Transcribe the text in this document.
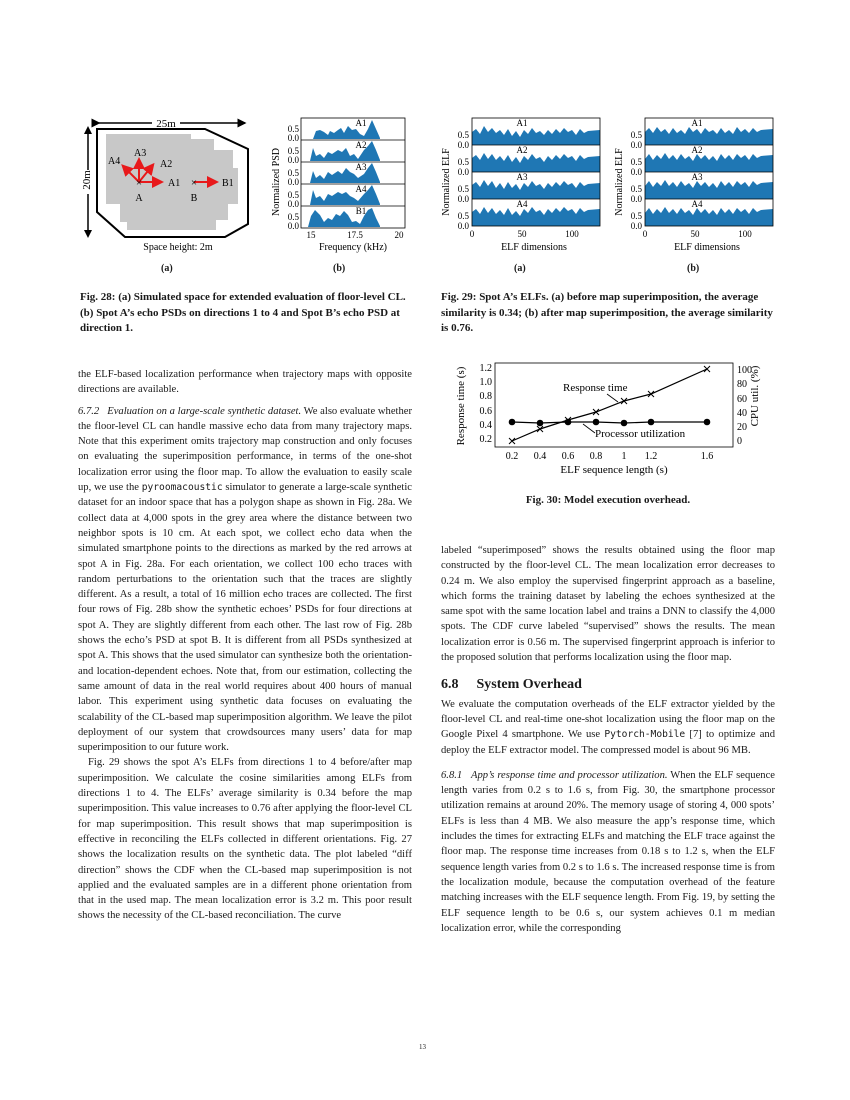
25m
20m	×	×
A1
A2
A3
A4
B1
A	B
Space height: 2m
(a)
Normalized PSD
0.5
0.0
0.5
0.0
0.5
0.0
0.5
0.0
0.5
0.0
A1
A2
A3
A4
B1
15	17.5	20
Frequency (kHz)
(b)
Normalized ELF
0.5
0.0
0.5
0.0
0.5
0.0
0.5
0.0
A1
A2
A3
A4
0	50	100
ELF dimensions
(a)
Normalized ELF
0.5
0.0
0.5
0.0
0.5
0.0
0.5
0.0
A1
A2
A3
A4
0	50	100
ELF dimensions
(b)
Fig. 28: (a) Simulated space for extended evaluation of floor-level CL. (b) Spot A’s echo PSDs on directions 1 to 4 and Spot B’s echo PSD at direction 1.
Fig. 29: Spot A’s ELFs. (a) before map superimposition, the average similarity is 0.34; (b) after map superimposition, the average similarity is 0.76.
Response time (s)	CPU util. (%)
0.2
0.4
0.6
0.8
1.0
1.2
0
20
40
60
80
100
0.2 0.4 0.6 0.8 1 1.2	1.6
ELF sequence length (s)
Response time
Processor utilization
Fig. 30: Model execution overhead.

the ELF-based localization performance when trajectory maps with opposite directions are available.

6.7.2 Evaluation on a large-scale synthetic dataset. We also evaluate whether the floor-level CL can handle massive echo data from many trajectory maps. Note that this experiment omits trajectory map construction and only focuses on evaluating the superimposition performance, in terms of the one-shot localization error using the floor map. To allow the evaluation to easily scale up, we use the pyroomacoustic simulator to generate a large-scale synthetic dataset for an indoor space that has a polygon shape as shown in Fig. 28a. We collect data at 4,000 spots in the grey area where the distance between two neighbor spots is 10 cm. At each spot, we collect echo data when the simulated smartphone points to the directions as marked by the red arrows at spot A in Fig. 28a. For each orientation, we collect 100 echo traces with random perturbations to the orientation such that the traces are slightly different. As a result, a total of 16 million echo traces are collected. The first four rows of Fig. 28b show the synthetic echoes’ PSDs for four directions at spot A. They are slightly different from each other. The last row of Fig. 28b shows the echo’s PSD at spot B. It is different from all PSDs synthesized at spot A. This shows that the used simulator can synthesize both the orientation- and location-dependent echoes. Note that, from our estimation, collecting the same amount of data in the real world requires about 400 hours of manual labor. This experiment using synthetic data focuses on evaluating the scalability of the CL-based map superimposition algorithm. We leave the pilot deployment of our system that crowdsources many users’ data for map superimposition to our future work.

Fig. 29 shows the spot A’s ELFs from directions 1 to 4 before/after map superimposition. We calculate the cosine similarities among ELFs from directions 1 to 4. The ELFs’ average similarity is 0.34 before the map superimposition. This value increases to 0.76 after applying the floor-level CL for map superimposition. This result shows that map superimposition is effective in reconciling the ELFs collected in different orientations. Fig. 27 shows the localization results on the synthetic data. The plot labeled “diff direction” shows the CDF when the CL-based map superimposition is not applied and the evaluated samples are in a different phone orientation from that in the used map. The mean localization error is 3.2 m. This poor result shows the necessity of the CL-based reconciliation. The curve

labeled “superimposed” shows the results obtained using the floor map constructed by the floor-level CL. The mean localization error decreases to 0.24 m. We also employ the supervised fingerprint approach as a baseline, which forms the training dataset by labeling the echoes synthesized at the same spot with the same location label and trains a DNN to classify the 4,000 spots. The CDF curve labeled “supervised” shows the results. The mean localization error is 0.56 m. The supervised fingerprint approach is inferior to the proposed solution that performs localization using the floor map.

6.8 System Overhead

We evaluate the computation overheads of the ELF extractor yielded by the floor-level CL and real-time one-shot localization using the floor map on the Google Pixel 4 smartphone. We use Pytorch-Mobile [7] to optimize and deploy the ELF extractor model. The compressed model is about 96 MB.

6.8.1 App’s response time and processor utilization. When the ELF sequence length varies from 0.2 s to 1.6 s, from Fig. 30, the smartphone processor utilization remains at around 20%. The memory usage of storing 4, 000 spots’ ELFs is less than 4 MB. We also measure the app’s response time, which includes the times for extracting ELFs and matching the ELF trace against the floor map. The response time increases from 0.18 s to 1.2 s, when the ELF sequence length varies from 0.2 s to 1.6 s. The increased response time is from the localization module, because the computation overhead of the feature matching increases with the ELF sequence length. From Fig. 19, by setting the ELF sequence length to be 0.6 s, our system achieves 0.1 m median localization error, while the corresponding

13
